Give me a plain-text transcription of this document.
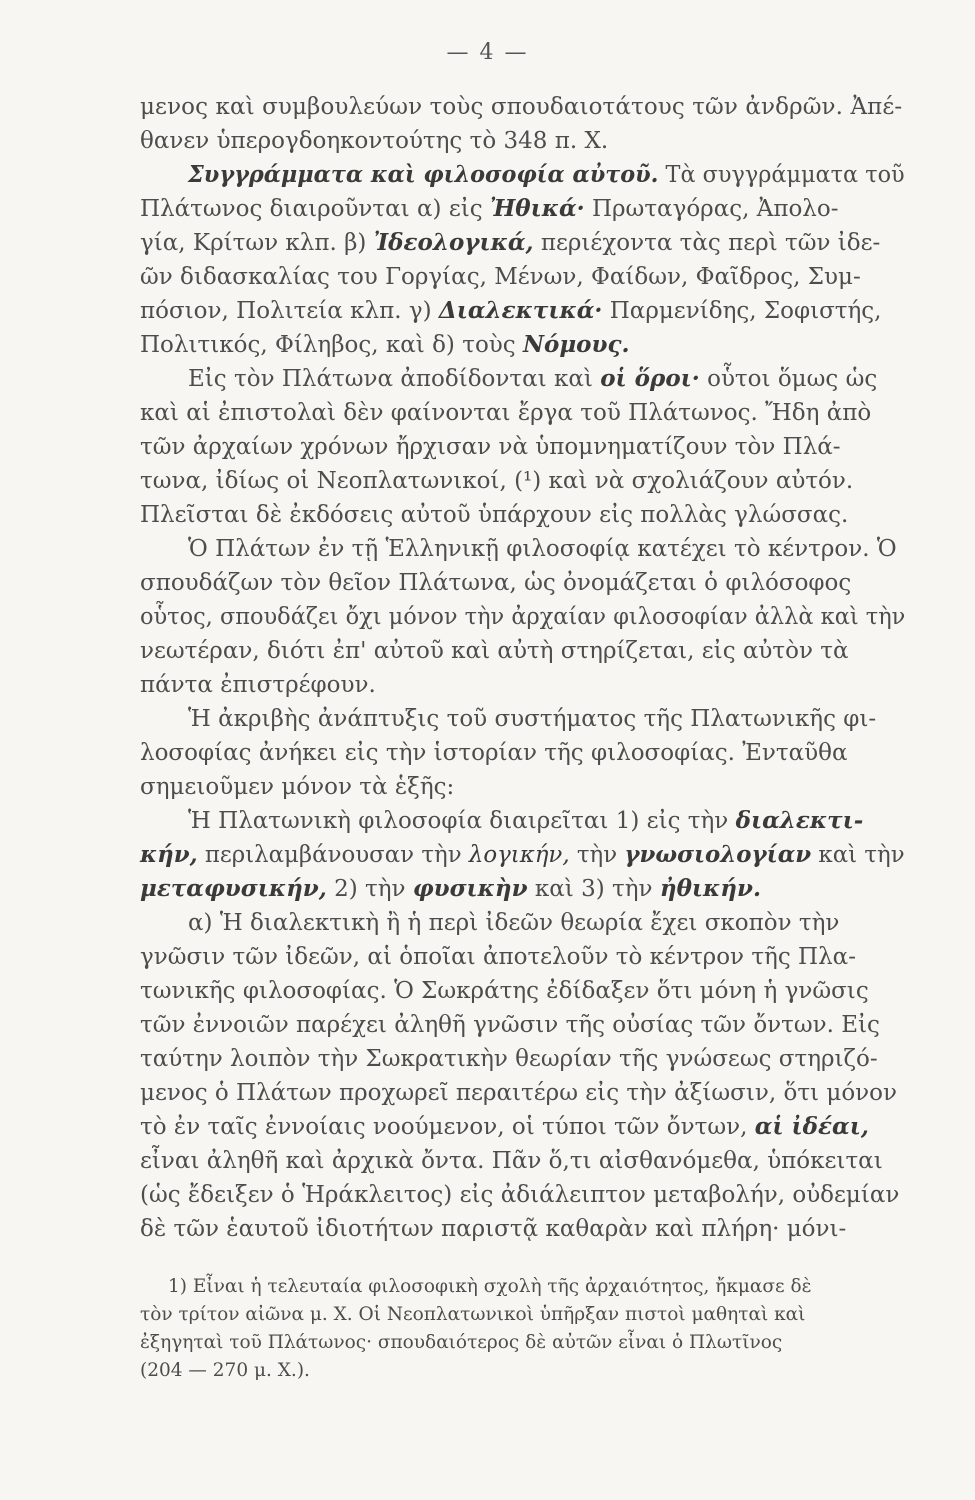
— 4 —
μενος καὶ συμβουλεύων τοὺς σπουδαιοτάτους τῶν ἀνδρῶν. Ἀπέ-
θανεν ὑπερογδοηκοντούτης τὸ 348 π. Χ.
Συγγράμματα καὶ φιλοσοφία αὐτοῦ. Τὰ συγγράμματα τοῦ
Πλάτωνος διαιροῦνται α) εἰς Ἠθικά· Πρωταγόρας, Ἀπολο-
γία, Κρίτων κλπ. β) Ἰδεολογικά, περιέχοντα τὰς περὶ τῶν ἰδε-
ῶν διδασκαλίας του Γοργίας, Μένων, Φαίδων, Φαῖδρος, Συμ-
πόσιον, Πολιτεία κλπ. γ) Διαλεκτικά· Παρμενίδης, Σοφιστής,
Πολιτικός, Φίληβος, καὶ δ) τοὺς Νόμους.
Εἰς τὸν Πλάτωνα ἀποδίδονται καὶ οἱ ὅροι· οὗτοι ὅμως ὡς
καὶ αἱ ἐπιστολαὶ δὲν φαίνονται ἔργα τοῦ Πλάτωνος. Ἤδη ἀπὸ
τῶν ἀρχαίων χρόνων ἤρχισαν νὰ ὑπομνηματίζουν τὸν Πλά-
τωνα, ἰδίως οἱ Νεοπλατωνικοί, (¹) καὶ νὰ σχολιάζουν αὐτόν.
Πλεῖσται δὲ ἐκδόσεις αὐτοῦ ὑπάρχουν εἰς πολλὰς γλώσσας.
Ὁ Πλάτων ἐν τῇ Ἑλληνικῇ φιλοσοφίᾳ κατέχει τὸ κέντρον. Ὁ
σπουδάζων τὸν θεῖον Πλάτωνα, ὡς ὀνομάζεται ὁ φιλόσοφος
οὗτος, σπουδάζει ὄχι μόνον τὴν ἀρχαίαν φιλοσοφίαν ἀλλὰ καὶ τὴν
νεωτέραν, διότι ἐπ' αὐτοῦ καὶ αὐτὴ στηρίζεται, εἰς αὐτὸν τὰ
πάντα ἐπιστρέφουν.
Ἡ ἀκριβὴς ἀνάπτυξις τοῦ συστήματος τῆς Πλατωνικῆς φι-
λοσοφίας ἀνήκει εἰς τὴν ἱστορίαν τῆς φιλοσοφίας. Ἐνταῦθα
σημειοῦμεν μόνον τὰ ἑξῆς:
Ἡ Πλατωνικὴ φιλοσοφία διαιρεῖται 1) εἰς τὴν διαλεκτι-
κήν, περιλαμβάνουσαν τὴν λογικήν, τὴν γνωσιολογίαν καὶ τὴν
μεταφυσικήν, 2) τὴν φυσικὴν καὶ 3) τὴν ἠθικήν.
α) Ἡ διαλεκτικὴ ἢ ἡ περὶ ἰδεῶν θεωρία ἔχει σκοπὸν τὴν
γνῶσιν τῶν ἰδεῶν, αἱ ὁποῖαι ἀποτελοῦν τὸ κέντρον τῆς Πλα-
τωνικῆς φιλοσοφίας. Ὁ Σωκράτης ἐδίδαξεν ὅτι μόνη ἡ γνῶσις
τῶν ἐννοιῶν παρέχει ἀληθῆ γνῶσιν τῆς οὐσίας τῶν ὄντων. Εἰς
ταύτην λοιπὸν τὴν Σωκρατικὴν θεωρίαν τῆς γνώσεως στηριζό-
μενος ὁ Πλάτων προχωρεῖ περαιτέρω εἰς τὴν ἀξίωσιν, ὅτι μόνον
τὸ ἐν ταῖς ἐννοίαις νοούμενον, οἱ τύποι τῶν ὄντων, αἱ ἰδέαι,
εἶναι ἀληθῆ καὶ ἀρχικὰ ὄντα. Πᾶν ὅ,τι αἰσθανόμεθα, ὑπόκειται
(ὡς ἔδειξεν ὁ Ἡράκλειτος) εἰς ἀδιάλειπτον μεταβολήν, οὐδεμίαν
δὲ τῶν ἑαυτοῦ ἰδιοτήτων παριστᾷ καθαρὰν καὶ πλήρη· μόνι-
1) Εἶναι ἡ τελευταία φιλοσοφικὴ σχολὴ τῆς ἀρχαιότητος, ἤκμασε δὲ
τὸν τρίτον αἰῶνα μ. Χ. Οἱ Νεοπλατωνικοὶ ὑπῆρξαν πιστοὶ μαθηταὶ καὶ
ἐξηγηταὶ τοῦ Πλάτωνος· σπουδαιότερος δὲ αὐτῶν εἶναι ὁ Πλωτῖνος
(204 — 270 μ. Χ.).
